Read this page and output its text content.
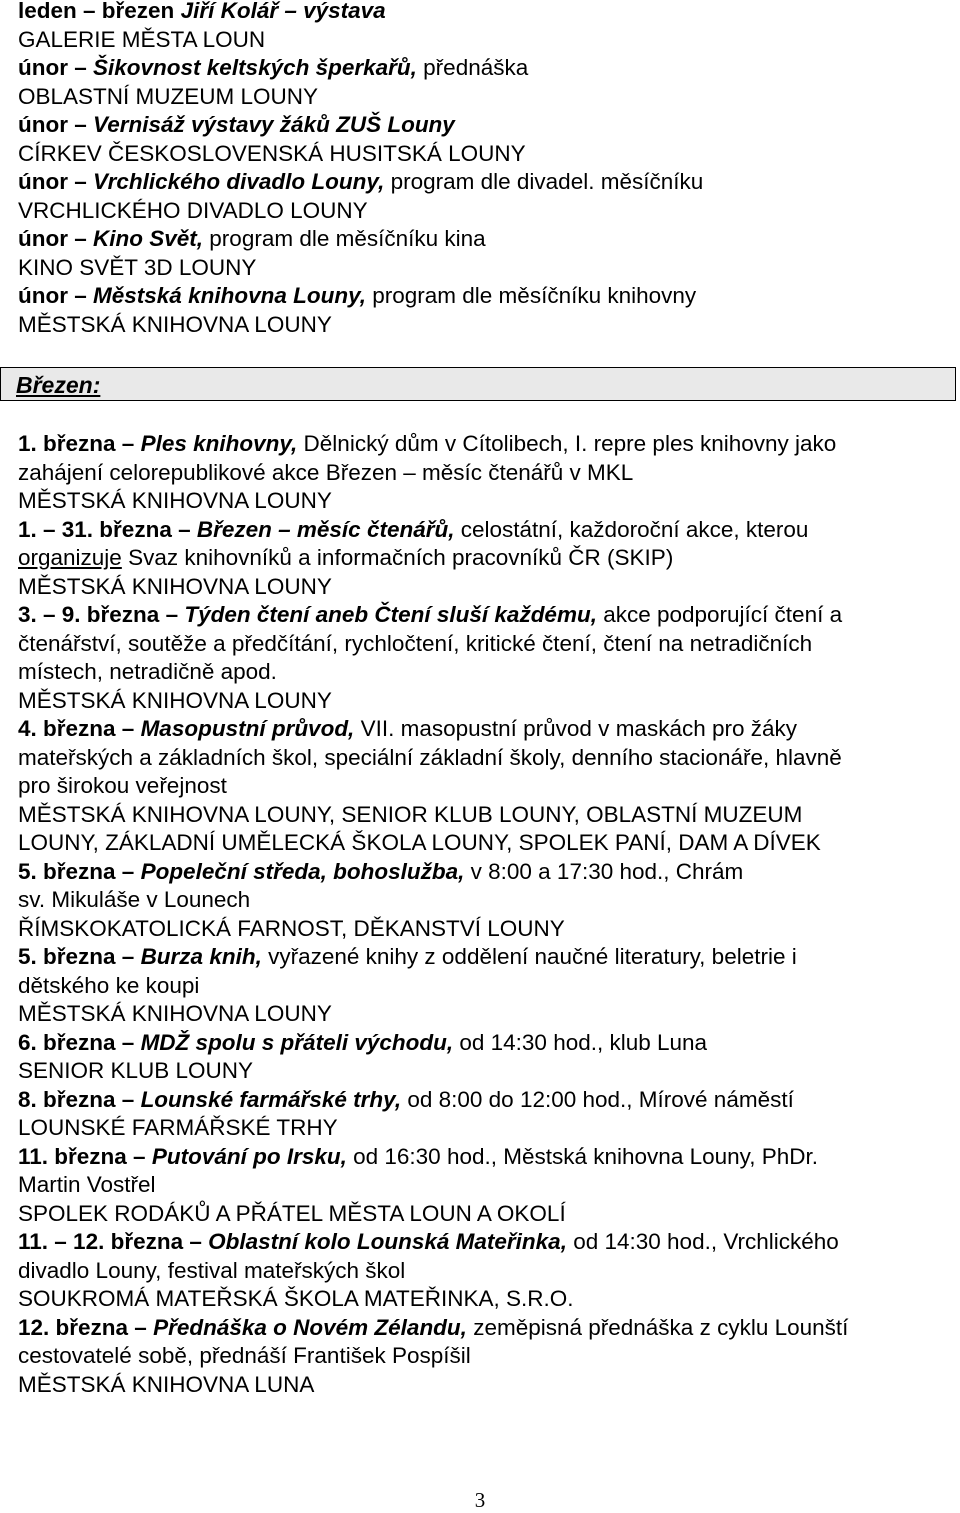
leden – březen Jiří Kolář – výstava
GALERIE MĚSTA LOUN
únor – Šikovnost keltských šperkařů, přednáška
OBLASTNÍ MUZEUM LOUNY
únor – Vernisáž výstavy žáků ZUŠ Louny
CÍRKEV ČESKOSLOVENSKÁ HUSITSKÁ LOUNY
únor – Vrchlického divadlo Louny, program dle divadel. měsíčníku
VRCHLICKÉHO DIVADLO LOUNY
únor – Kino Svět, program dle měsíčníku kina
KINO SVĚT 3D LOUNY
únor – Městská knihovna Louny, program dle měsíčníku knihovny
MĚSTSKÁ KNIHOVNA LOUNY
Březen:
1. března – Ples knihovny, Dělnický dům v Cítolibech, I. repre ples knihovny jako
zahájení celorepublikové akce Březen – měsíc čtenářů v MKL
MĚSTSKÁ KNIHOVNA LOUNY
1. – 31. března – Březen – měsíc čtenářů, celostátní, každoroční akce, kterou
organizuje Svaz knihovníků a informačních pracovníků ČR (SKIP)
MĚSTSKÁ KNIHOVNA LOUNY
3. – 9. března – Týden čtení aneb Čtení sluší každému, akce podporující čtení a
čtenářství, soutěže a předčítání, rychločtení, kritické čtení, čtení na netradičních
místech, netradičně apod.
MĚSTSKÁ KNIHOVNA LOUNY
4. března – Masopustní průvod, VII. masopustní průvod v maskách pro žáky
mateřských a základních škol, speciální základní školy, denního stacionáře, hlavně
pro širokou veřejnost
MĚSTSKÁ KNIHOVNA LOUNY, SENIOR KLUB LOUNY, OBLASTNÍ MUZEUM
LOUNY, ZÁKLADNÍ UMĚLECKÁ ŠKOLA LOUNY, SPOLEK PANÍ, DAM A DÍVEK
5. března – Popeleční středa, bohoslužba, v 8:00 a 17:30 hod., Chrám
sv. Mikuláše v Lounech
ŘÍMSKOKATOLICKÁ FARNOST, DĚKANSTVÍ LOUNY
5. března – Burza knih, vyřazené knihy z oddělení naučné literatury, beletrie i
dětského ke koupi
MĚSTSKÁ KNIHOVNA LOUNY
6. března – MDŽ spolu s přáteli východu, od 14:30 hod., klub Luna
SENIOR KLUB LOUNY
8. března – Lounské farmářské trhy, od 8:00 do 12:00 hod., Mírové náměstí
LOUNSKÉ FARMÁŘSKÉ TRHY
11. března – Putování po Irsku, od 16:30 hod., Městská knihovna Louny, PhDr.
Martin Vostřel
SPOLEK RODÁKŮ A PŘÁTEL MĚSTA LOUN A OKOLÍ
11. – 12. března – Oblastní kolo Lounská Mateřinka, od 14:30 hod., Vrchlického
divadlo Louny, festival mateřských škol
SOUKROMÁ MATEŘSKÁ ŠKOLA MATEŘINKA, S.R.O.
12. března – Přednáška o Novém Zélandu, zeměpisná přednáška z cyklu Lounští
cestovatelé sobě, přednáší František Pospíšil
MĚSTSKÁ KNIHOVNA LUNA
3
